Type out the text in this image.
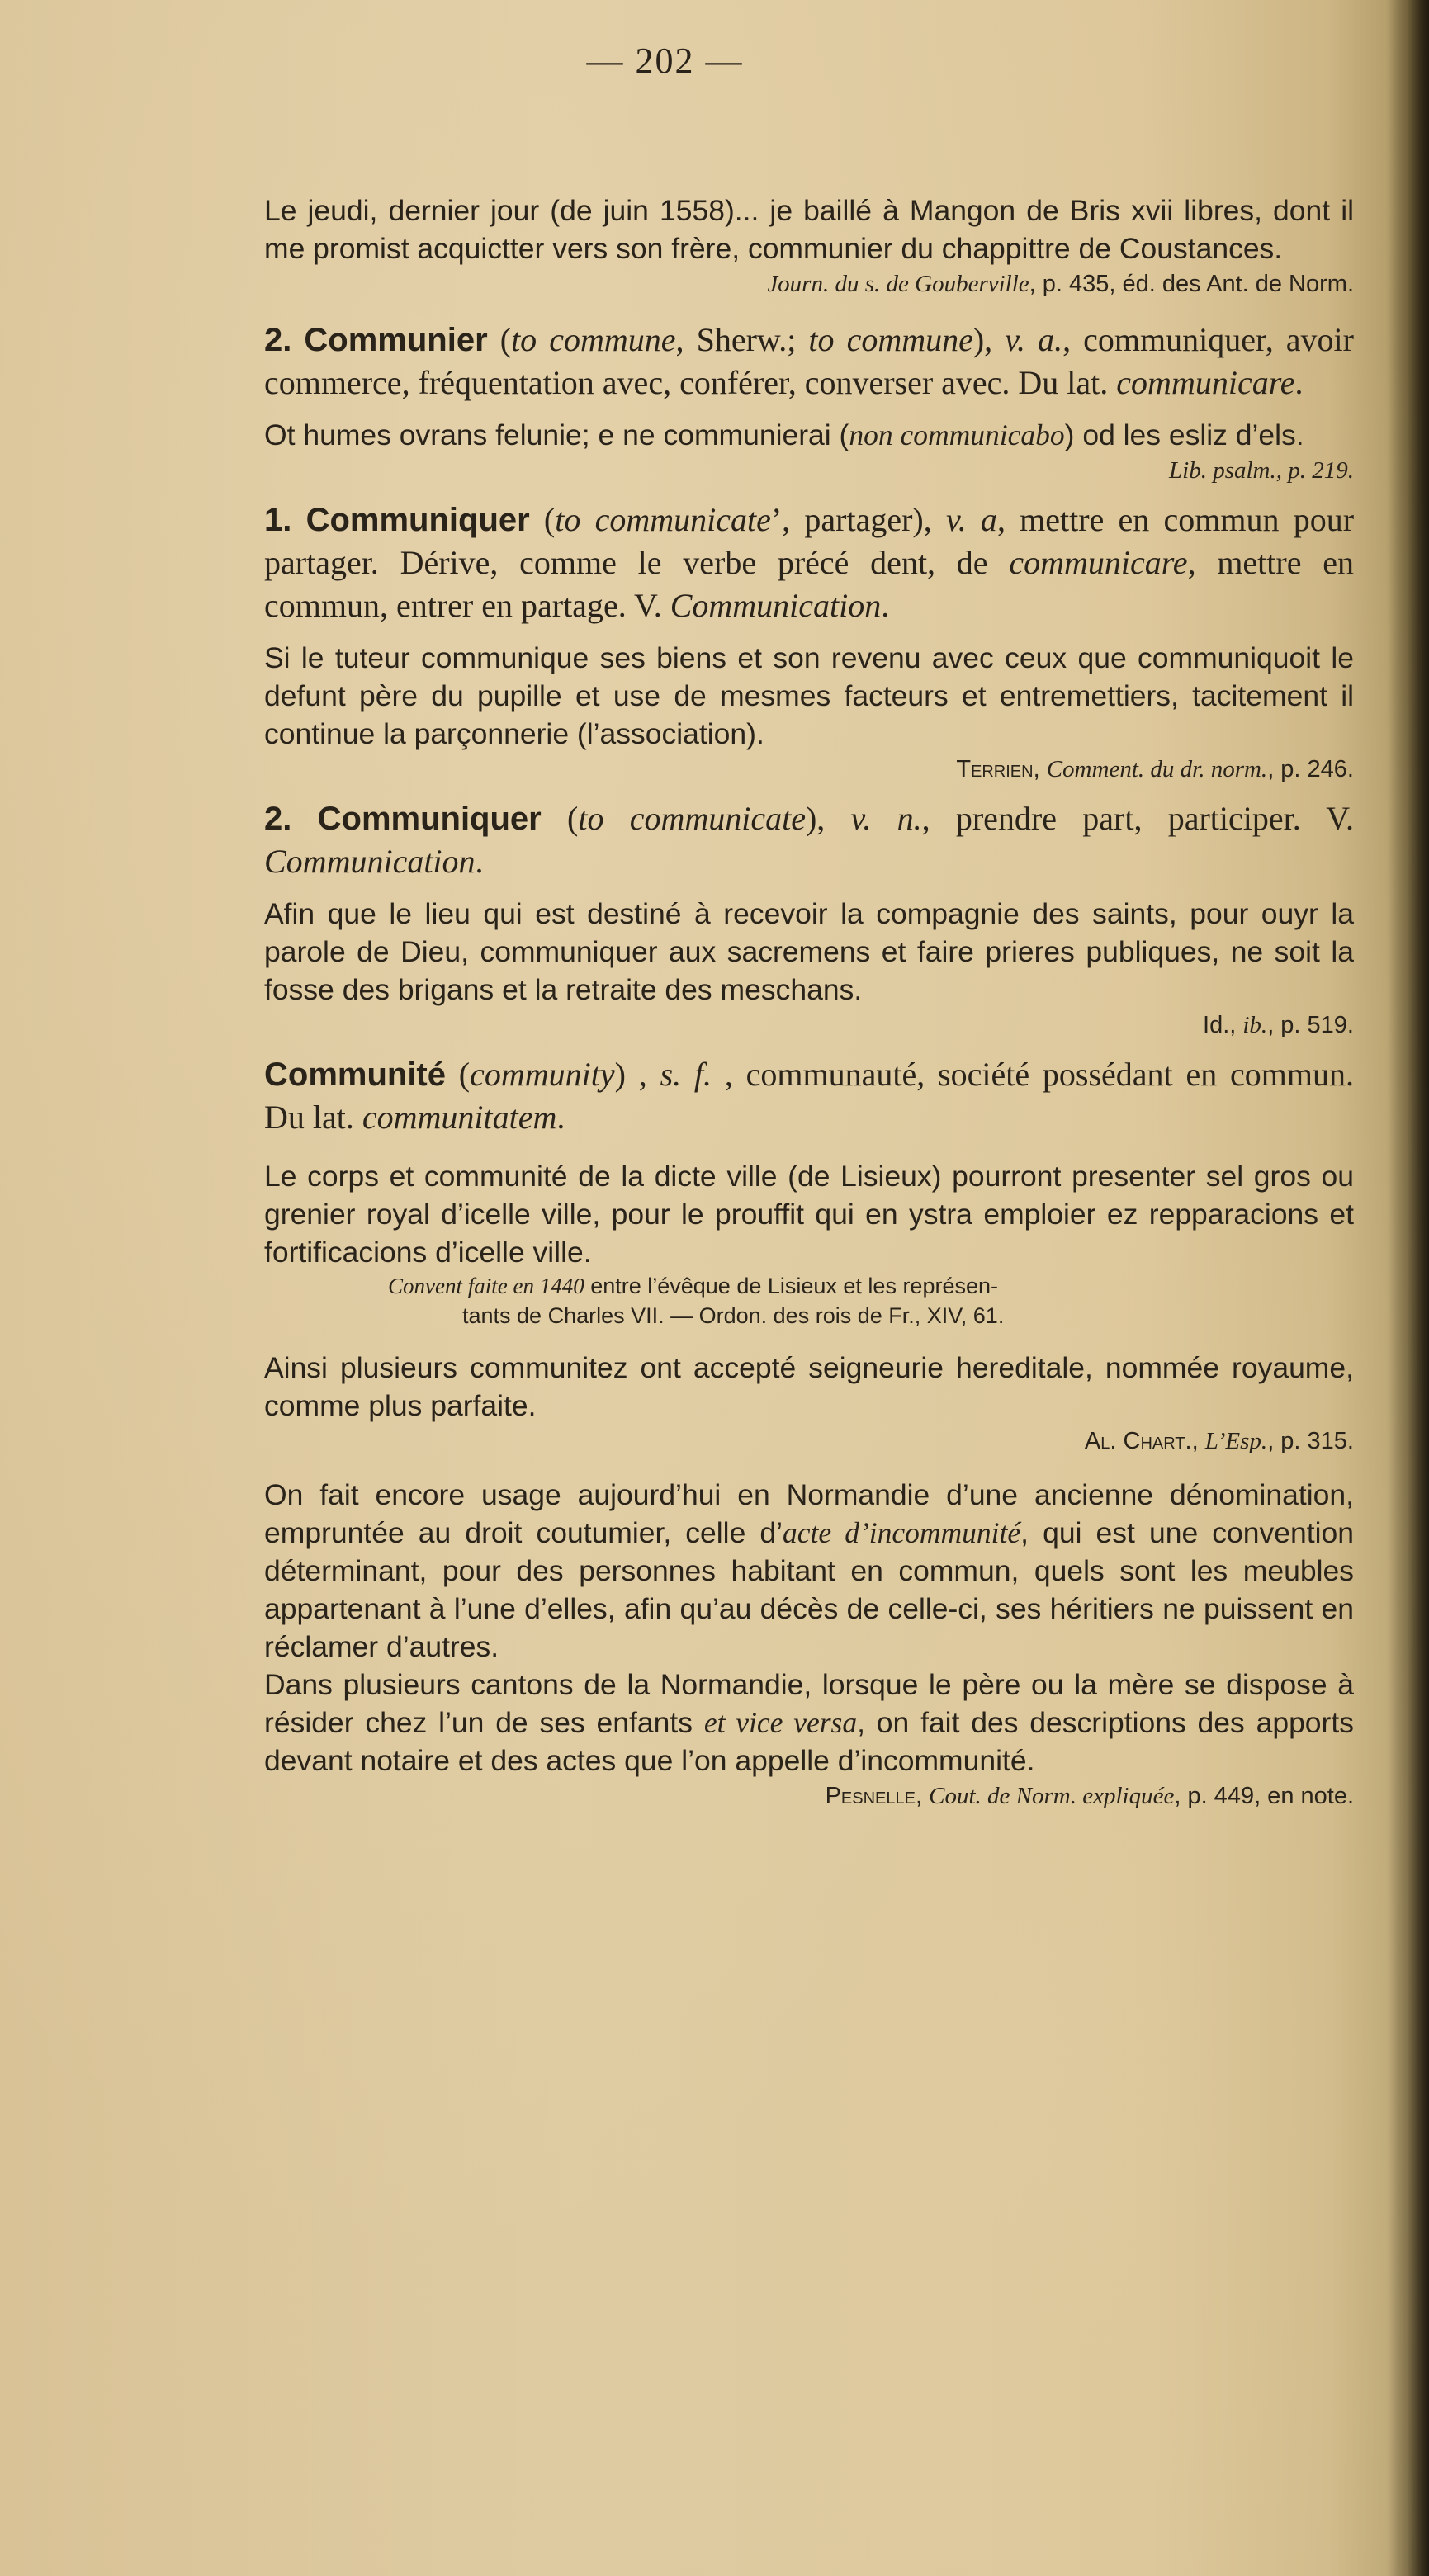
— 202 —

Le jeudi, dernier jour (de juin 1558)... je baillé à Mangon de Bris xvii libres, dont il me promist acquictter vers son frère, communier du chappittre de Coustances.

Journ. du s. de Gouberville, p. 435, éd. des Ant. de Norm.

2. Communier (to commune, Sherw.; to commune), v. a., communiquer, avoir commerce, fréquentation avec, conférer, converser avec. Du lat. communicare.

Ot humes ovrans felunie; e ne communierai (non communicabo) od les esliz d’els.

Lib. psalm., p. 219.

1. Communiquer (to communicate’, partager), v. a, mettre en commun pour partager. Dérive, comme le verbe précé dent, de communicare, mettre en commun, entrer en partage. V. Communication.

Si le tuteur communique ses biens et son revenu avec ceux que communiquoit le defunt père du pupille et use de mesmes facteurs et entremettiers, tacitement il continue la parçonnerie (l’association).

Terrien, Comment. du dr. norm., p. 246.

2. Communiquer (to communicate), v. n., prendre part, participer. V. Communication.

Afin que le lieu qui est destiné à recevoir la compagnie des saints, pour ouyr la parole de Dieu, communiquer aux sacremens et faire prieres publiques, ne soit la fosse des brigans et la retraite des meschans.

Id., ib., p. 519.

Communité (community) , s. f. , communauté, société possédant en commun. Du lat. communitatem.

Le corps et communité de la dicte ville (de Lisieux) pourront presenter sel gros ou grenier royal d’icelle ville, pour le prouffit qui en ystra emploier ez repparacions et fortificacions d’icelle ville.

Convent faite en 1440 entre l’évêque de Lisieux et les représen-
tants de Charles VII. — Ordon. des rois de Fr., XIV, 61.

Ainsi plusieurs communitez ont accepté seigneurie hereditale, nommée royaume, comme plus parfaite.

Al. Chart., L’Esp., p. 315.

On fait encore usage aujourd’hui en Normandie d’une ancienne dénomination, empruntée au droit coutumier, celle d’acte d’incommunité, qui est une convention déterminant, pour des personnes habitant en commun, quels sont les meubles appartenant à l’une d’elles, afin qu’au décès de celle-ci, ses héritiers ne puissent en réclamer d’autres.

Dans plusieurs cantons de la Normandie, lorsque le père ou la mère se dispose à résider chez l’un de ses enfants et vice versa, on fait des descriptions des apports devant notaire et des actes que l’on appelle d’incommunité.

Pesnelle, Cout. de Norm. expliquée, p. 449, en note.
